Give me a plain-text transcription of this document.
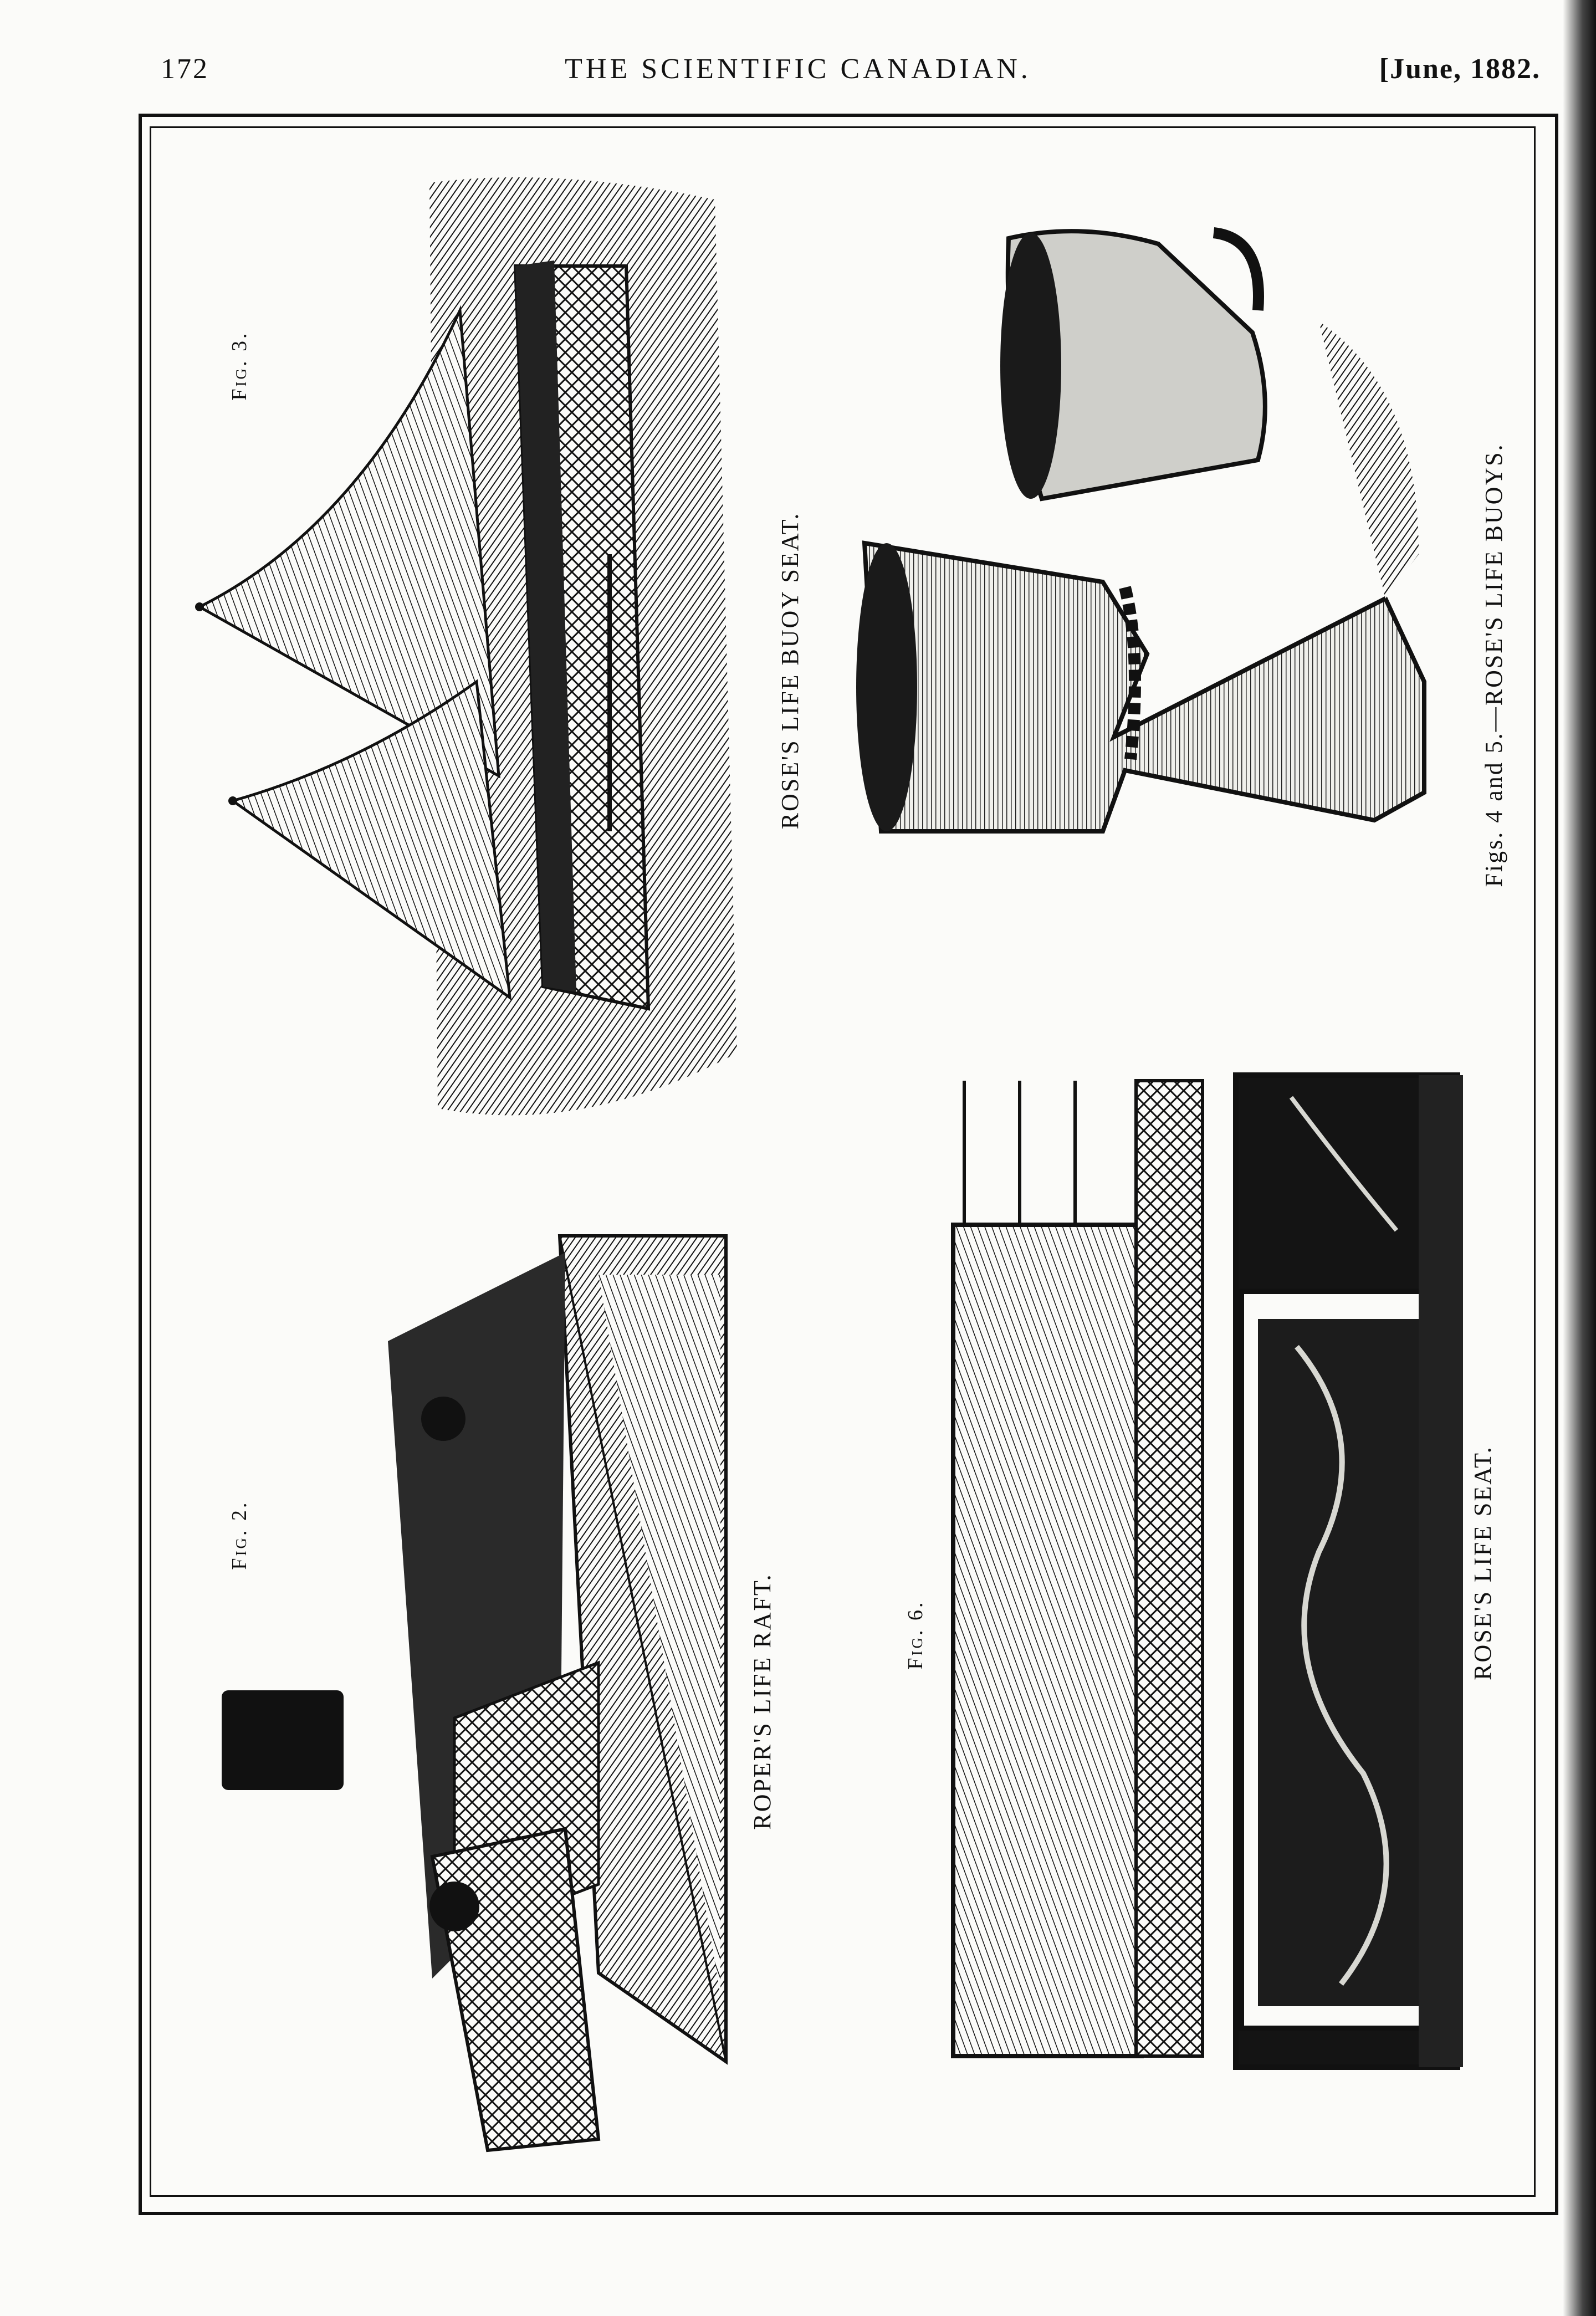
172	THE SCIENTIFIC CANADIAN.	[June, 1882.
Fig. 3.
ROSE'S LIFE BUOY SEAT.	Figs. 4 and 5.—ROSE'S LIFE BUOYS.
Fig. 2.
ROPER'S LIFE RAFT.	Fig. 6.	ROSE'S LIFE SEAT.
